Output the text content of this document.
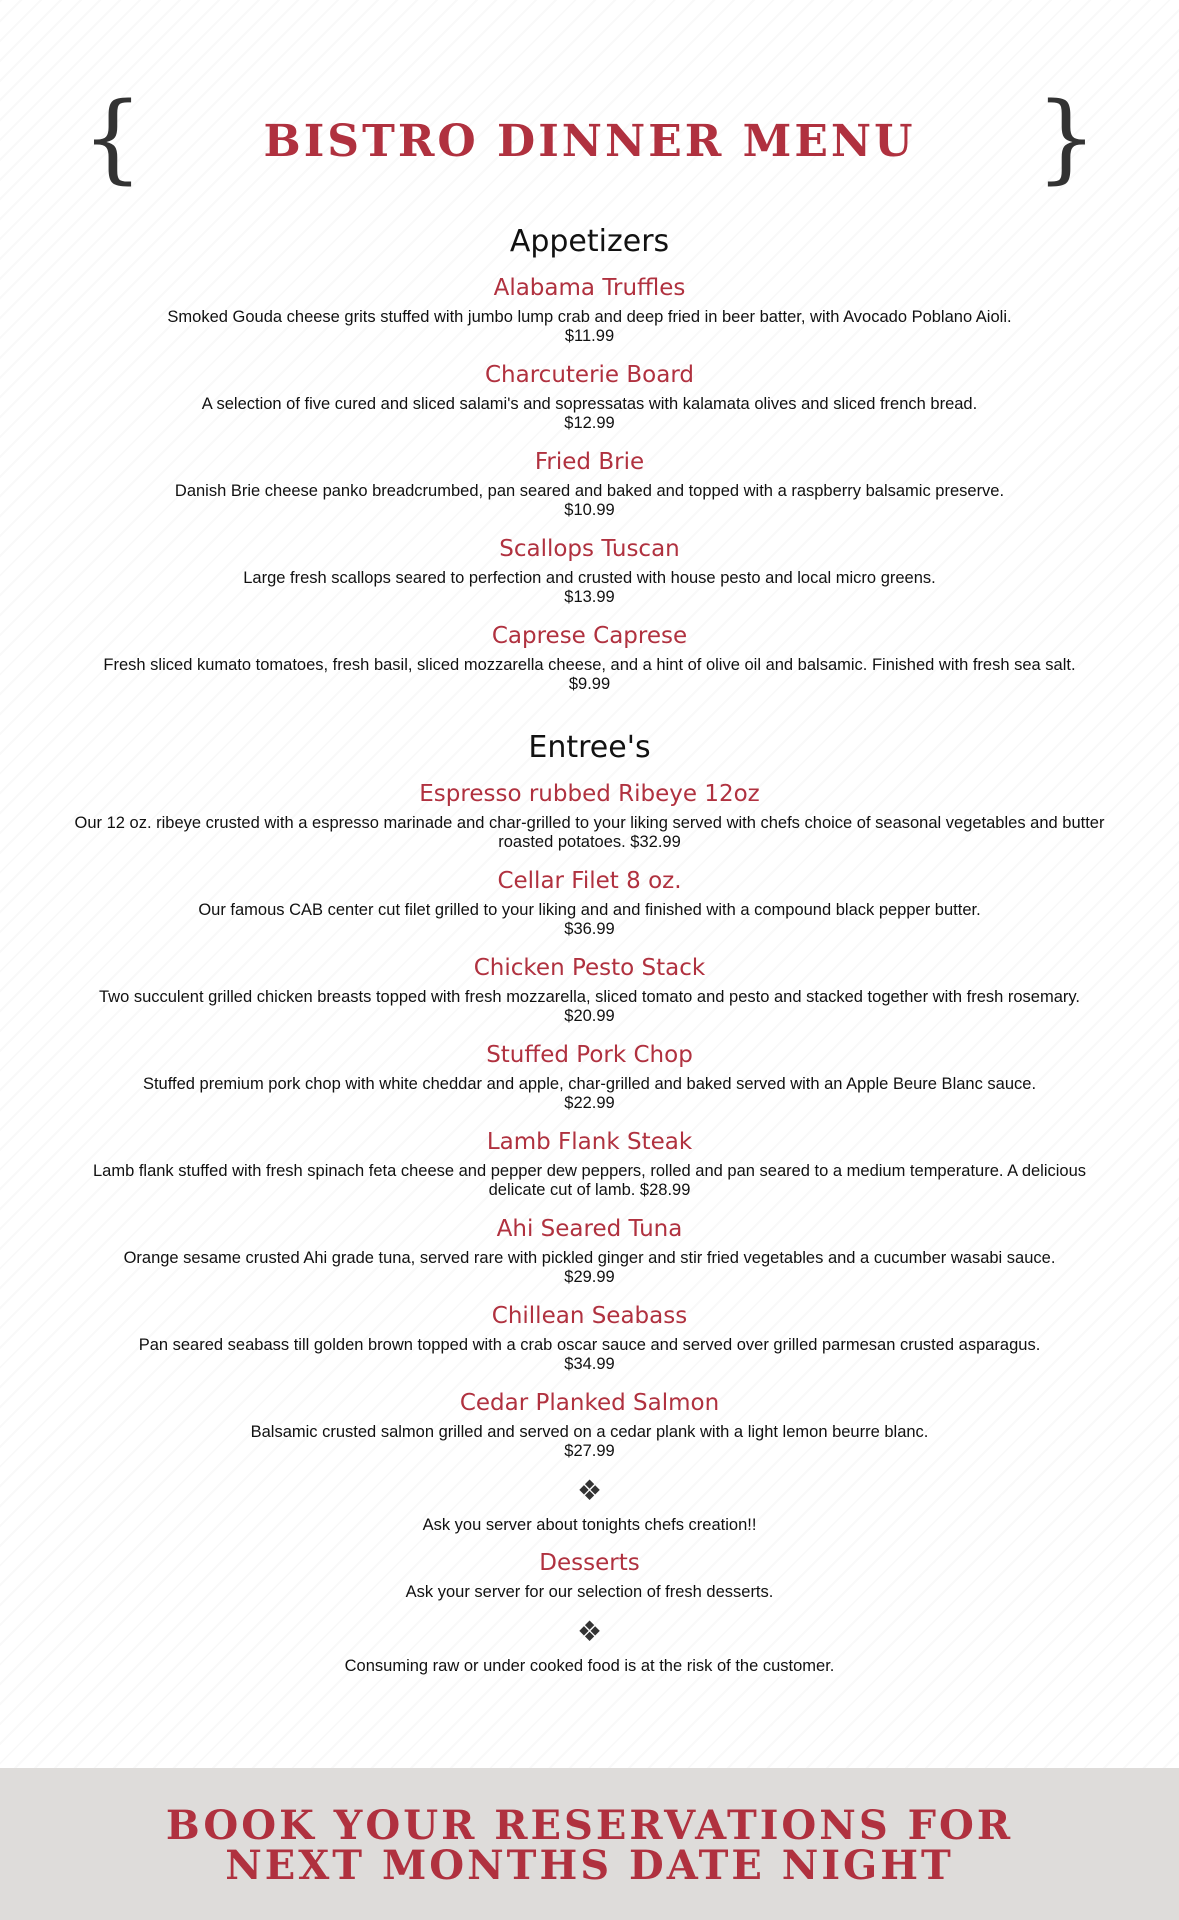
{	BISTRO DINNER MENU	}
Appetizers
Alabama Truffles
Smoked Gouda cheese grits stuffed with jumbo lump crab and deep fried in beer batter, with Avocado Poblano Aioli.
$11.99
Charcuterie Board
A selection of five cured and sliced salami's and sopressatas with kalamata olives and sliced french bread.
$12.99
Fried Brie
Danish Brie cheese panko breadcrumbed, pan seared and baked and topped with a raspberry balsamic preserve.
$10.99
Scallops Tuscan
Large fresh scallops seared to perfection and crusted with house pesto and local micro greens.
$13.99
Caprese Caprese
Fresh sliced kumato tomatoes, fresh basil, sliced mozzarella cheese, and a hint of olive oil and balsamic. Finished with fresh sea salt.
$9.99
Entree's
Espresso rubbed Ribeye 12oz
Our 12 oz. ribeye crusted with a espresso marinade and char-grilled to your liking served with chefs choice of seasonal vegetables and butter roasted potatoes. $32.99
Cellar Filet 8 oz.
Our famous CAB center cut filet grilled to your liking and and finished with a compound black pepper butter.
$36.99
Chicken Pesto Stack
Two succulent grilled chicken breasts topped with fresh mozzarella, sliced tomato and pesto and stacked together with fresh rosemary.
$20.99
Stuffed Pork Chop
Stuffed premium pork chop with white cheddar and apple, char-grilled and baked served with an Apple Beure Blanc sauce.
$22.99
Lamb Flank Steak
Lamb flank stuffed with fresh spinach feta cheese and pepper dew peppers, rolled and pan seared to a medium temperature. A delicious delicate cut of lamb. $28.99
Ahi Seared Tuna
Orange sesame crusted Ahi grade tuna, served rare with pickled ginger and stir fried vegetables and a cucumber wasabi sauce.
$29.99
Chillean Seabass
Pan seared seabass till golden brown topped with a crab oscar sauce and served over grilled parmesan crusted asparagus.
$34.99
Cedar Planked Salmon
Balsamic crusted salmon grilled and served on a cedar plank with a light lemon beurre blanc.
$27.99
❖
Ask you server about tonights chefs creation!!
Desserts
Ask your server for our selection of fresh desserts.
❖
Consuming raw or under cooked food is at the risk of the customer.
BOOK YOUR RESERVATIONS FOR
NEXT MONTHS DATE NIGHT
